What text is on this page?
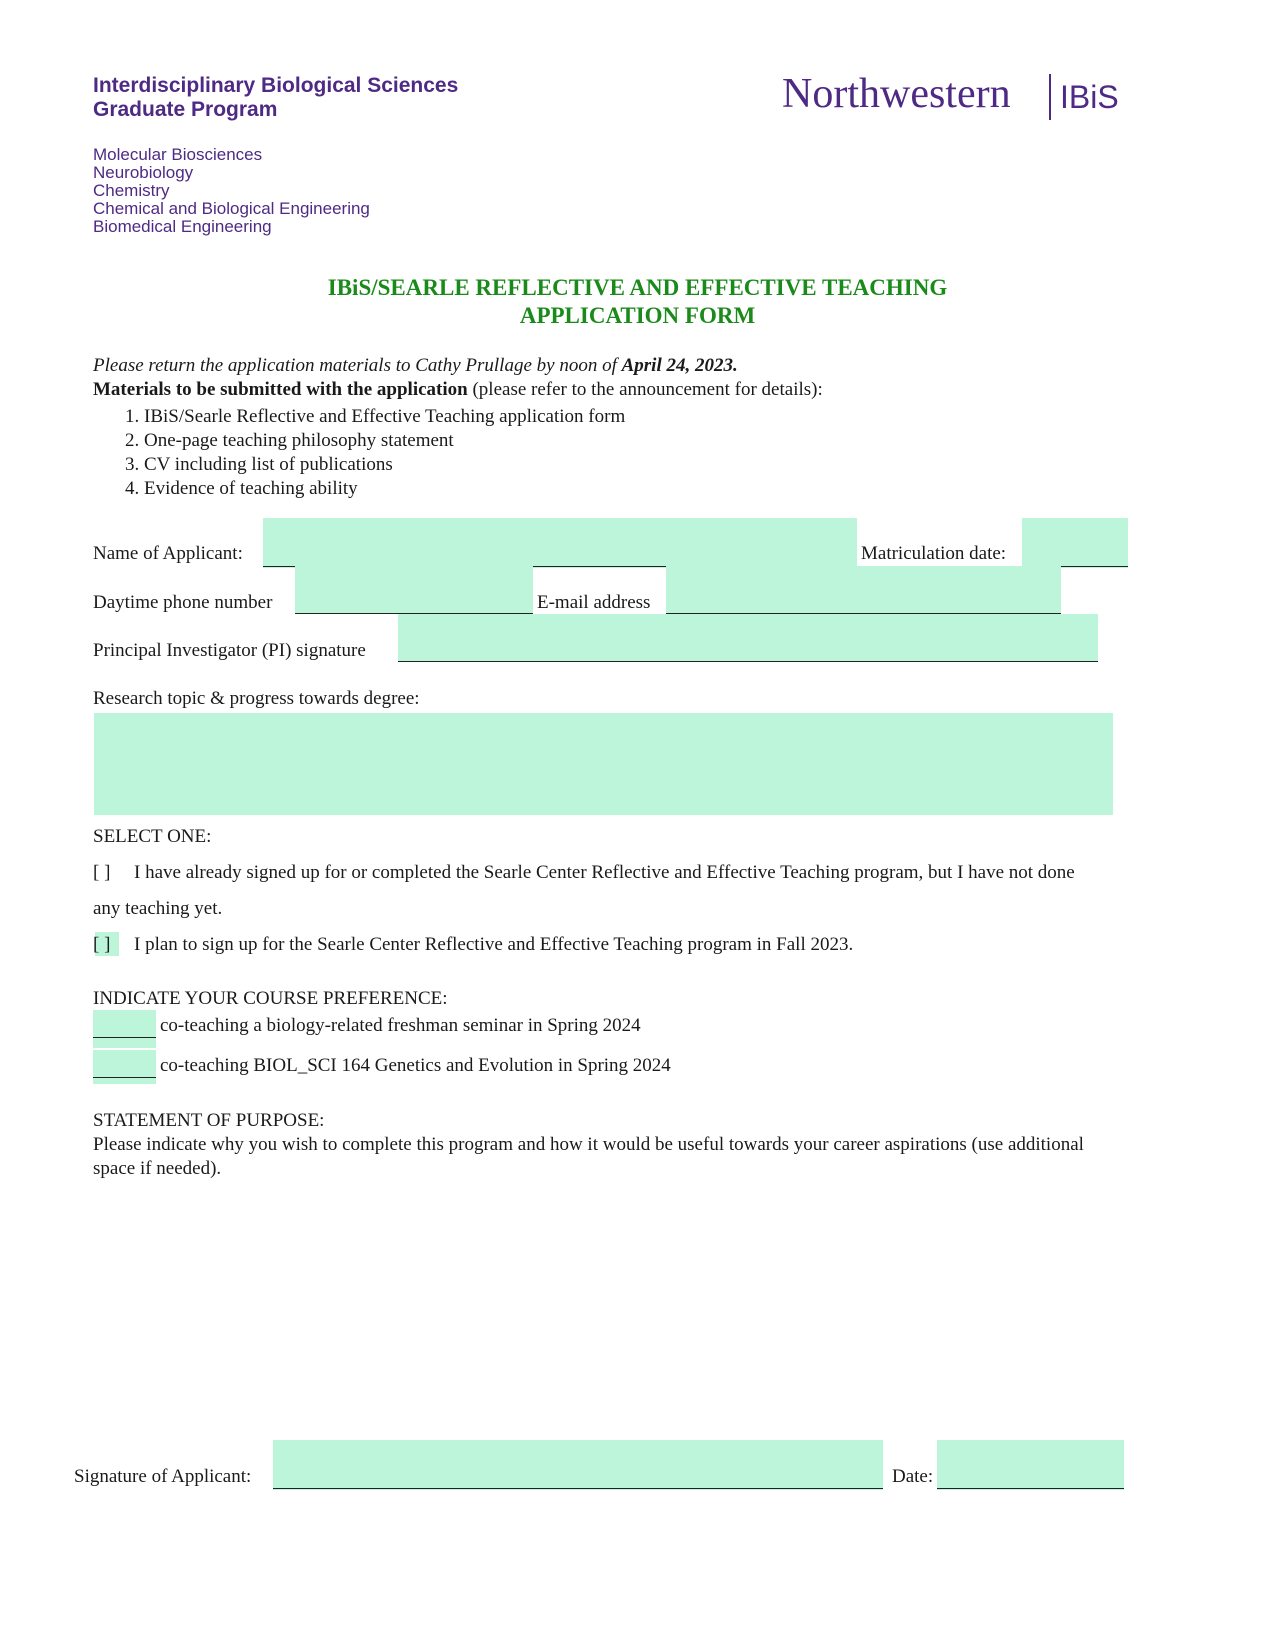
Interdisciplinary Biological Sciences
Graduate Program
Molecular Biosciences
Neurobiology
Chemistry
Chemical and Biological Engineering
Biomedical Engineering
Northwestern IBiS
IBiS/SEARLE REFLECTIVE AND EFFECTIVE TEACHING
APPLICATION FORM
Please return the application materials to Cathy Prullage by noon of April 24, 2023.
Materials to be submitted with the application (please refer to the announcement for details):
1. IBiS/Searle Reflective and Effective Teaching application form
2. One-page teaching philosophy statement
3. CV including list of publications
4. Evidence of teaching ability
Name of Applicant:	Matriculation date:
Daytime phone number	E-mail address
Principal Investigator (PI) signature
Research topic & progress towards degree:
SELECT ONE:
[ ] I have already signed up for or completed the Searle Center Reflective and Effective Teaching program, but I have not done
any teaching yet.
[ ] I plan to sign up for the Searle Center Reflective and Effective Teaching program in Fall 2023.
INDICATE YOUR COURSE PREFERENCE:
co-teaching a biology-related freshman seminar in Spring 2024
co-teaching BIOL_SCI 164 Genetics and Evolution in Spring 2024
STATEMENT OF PURPOSE:
Please indicate why you wish to complete this program and how it would be useful towards your career aspirations (use additional
space if needed).
Signature of Applicant:	Date:
